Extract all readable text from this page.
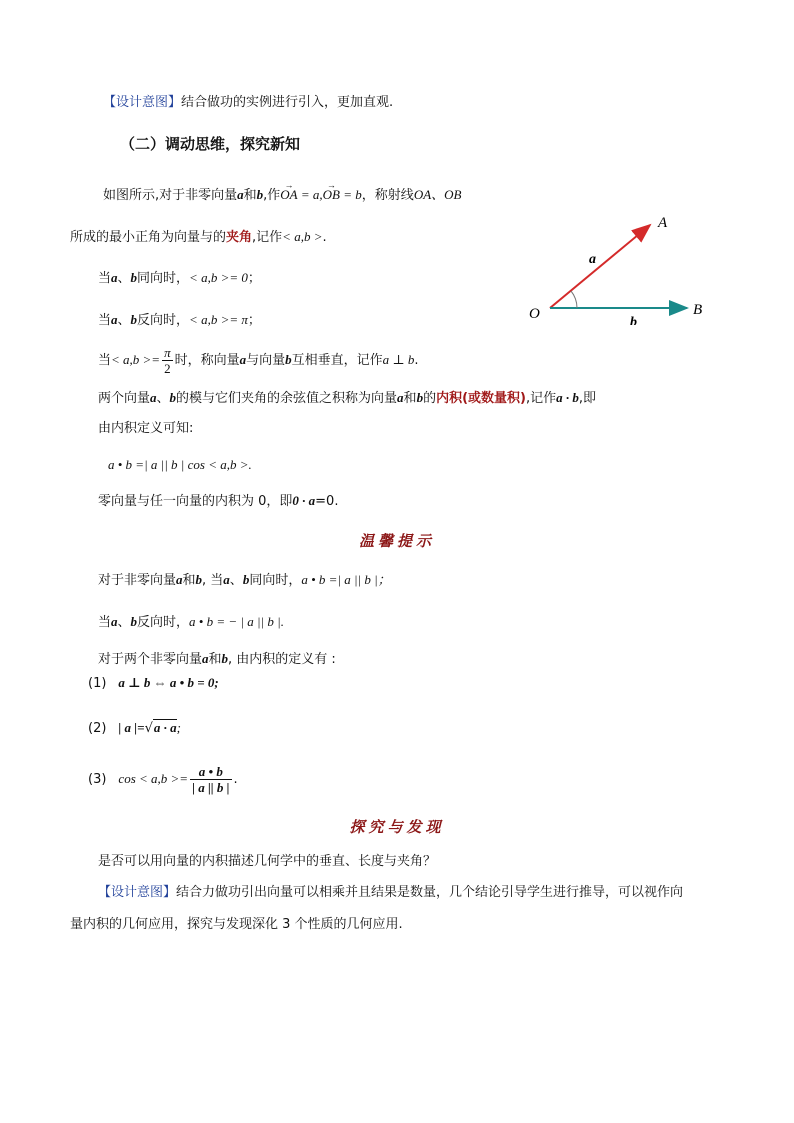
【设计意图】结合做功的实例进行引入，更加直观.
（二）调动思维，探究新知
如图所示,对于非零向量a和b,作→ OA = a,→ OB = b，称射线OA、OB
所成的最小正角为向量与的夹角,记作< a,b >.
当a、b同向时，< a,b >= 0；
当a、b反向时，< a,b >= π；
当< $a,b >= \frac{\pi}{2}$ 时，称向量a与向量b互相垂直，记作a ⊥ b.
两个向量a、b的模与它们夹角的余弦值之积称为向量a和b的内积(或数量积),记作a · b,即
由内积定义可知:
a • b =| a || b | cos < a,b >.
零向量与任一向量的内积为 0，即0 · a=0.
温馨提示
对于非零向量a和b, 当a、b同向时，a • b =| a || b |；
当a、b反向时，a • b = − | a || b |.
对于两个非零向量a和b, 由内积的定义有 :
(1) a ⊥ b ⇔ a • b = 0;
(2) | a |=√a · a;
(3) $\cos < a,b >= \frac{a • b}{| a || b |}$ .
探究与发现
是否可以用向量的内积描述几何学中的垂直、长度与夹角？
【设计意图】结合力做功引出向量可以相乘并且结果是数量，几个结论引导学生进行推导，可以视作向
量内积的几何应用，探究与发现深化 3 个性质的几何应用.
O
A
B
a
b
